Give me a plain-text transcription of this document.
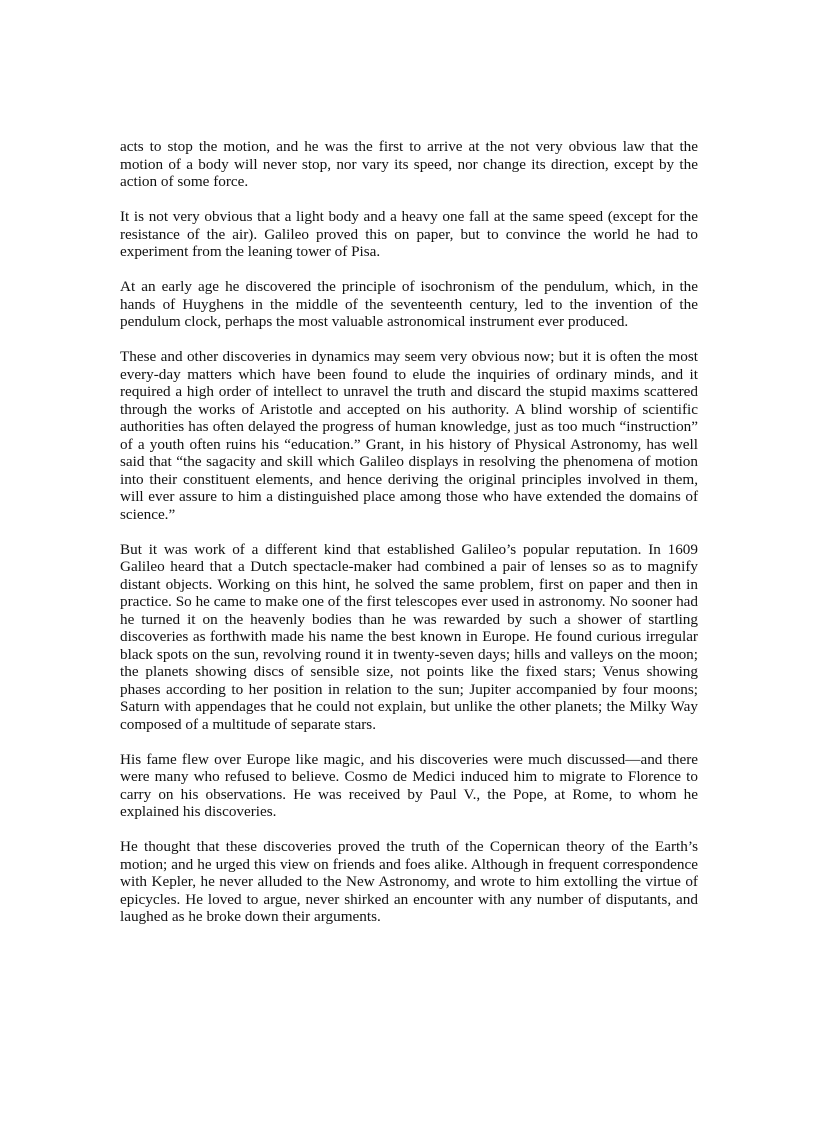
acts to stop the motion, and he was the first to arrive at the not very obvious law that the motion of a body will never stop, nor vary its speed, nor change its direction, except by the action of some force.

It is not very obvious that a light body and a heavy one fall at the same speed (except for the resistance of the air). Galileo proved this on paper, but to convince the world he had to experiment from the leaning tower of Pisa.

At an early age he discovered the principle of isochronism of the pendulum, which, in the hands of Huyghens in the middle of the seventeenth century, led to the invention of the pendulum clock, perhaps the most valuable astronomical instrument ever produced.

These and other discoveries in dynamics may seem very obvious now; but it is often the most every-day matters which have been found to elude the inquiries of ordinary minds, and it required a high order of intellect to unravel the truth and discard the stupid maxims scattered through the works of Aristotle and accepted on his authority. A blind worship of scientific authorities has often delayed the progress of human knowledge, just as too much “instruction” of a youth often ruins his “education.” Grant, in his history of Physical Astronomy, has well said that “the sagacity and skill which Galileo displays in resolving the phenomena of motion into their constituent elements, and hence deriving the original principles involved in them, will ever assure to him a distinguished place among those who have extended the domains of science.”

But it was work of a different kind that established Galileo’s popular reputation. In 1609 Galileo heard that a Dutch spectacle-maker had combined a pair of lenses so as to magnify distant objects. Working on this hint, he solved the same problem, first on paper and then in practice. So he came to make one of the first telescopes ever used in astronomy. No sooner had he turned it on the heavenly bodies than he was rewarded by such a shower of startling discoveries as forthwith made his name the best known in Europe. He found curious irregular black spots on the sun, revolving round it in twenty-seven days; hills and valleys on the moon; the planets showing discs of sensible size, not points like the fixed stars; Venus showing phases according to her position in relation to the sun; Jupiter accompanied by four moons; Saturn with appendages that he could not explain, but unlike the other planets; the Milky Way composed of a multitude of separate stars.

His fame flew over Europe like magic, and his discoveries were much discussed—and there were many who refused to believe. Cosmo de Medici induced him to migrate to Florence to carry on his observations. He was received by Paul V., the Pope, at Rome, to whom he explained his discoveries.

He thought that these discoveries proved the truth of the Copernican theory of the Earth’s motion; and he urged this view on friends and foes alike. Although in frequent correspondence with Kepler, he never alluded to the New Astronomy, and wrote to him extolling the virtue of epicycles. He loved to argue, never shirked an encounter with any number of disputants, and laughed as he broke down their arguments.
